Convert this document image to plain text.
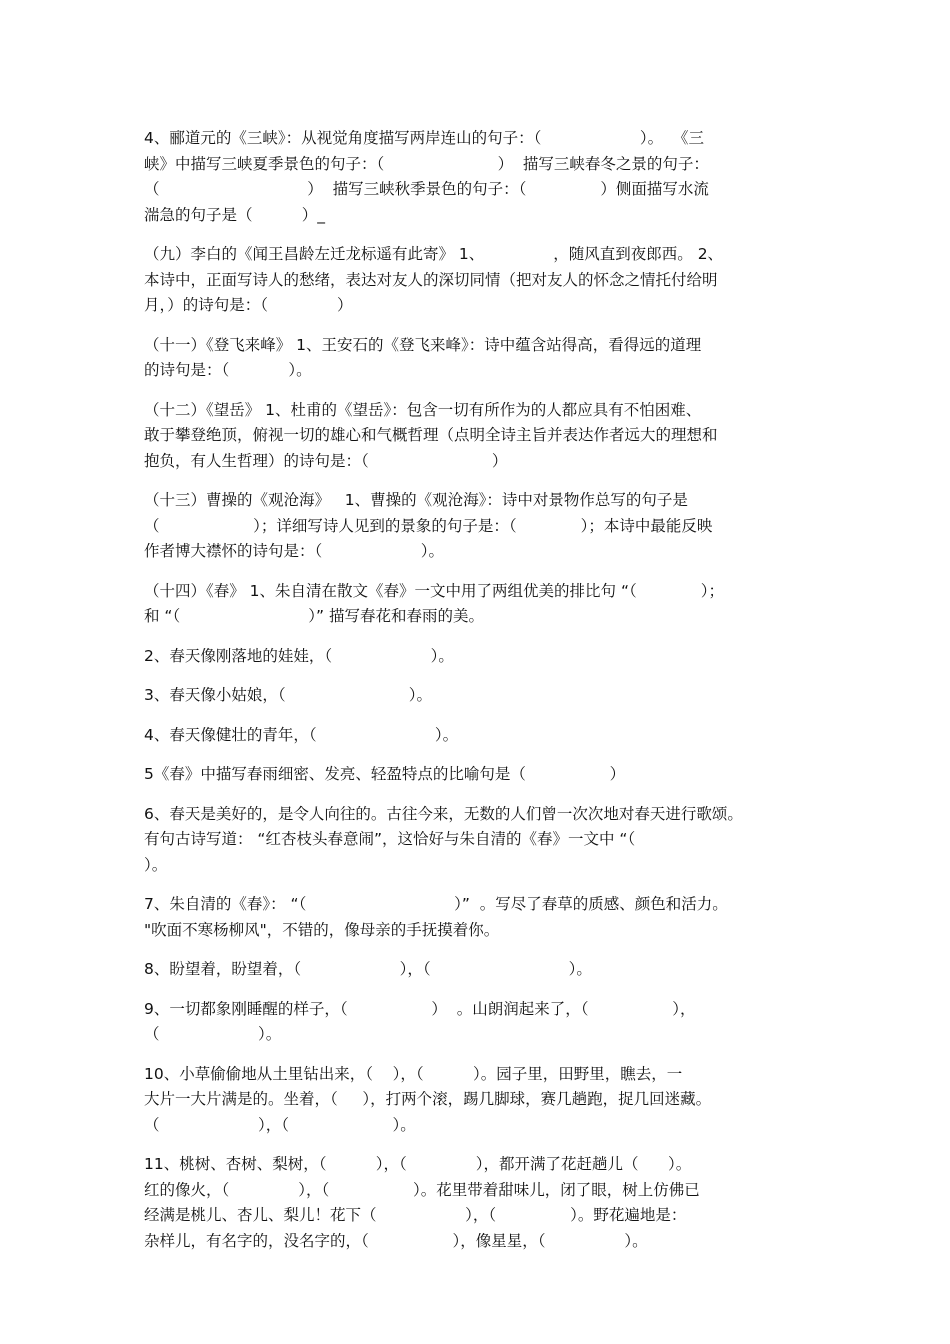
4、郦道元的《三峡》：从视觉角度描写两岸连山的句子：（                    ）。  《三
峡》中描写三峡夏季景色的句子：（                       ）  描写三峡春冬之景的句子：
（                              ）  描写三峡秋季景色的句子：（               ）侧面描写水流
湍急的句子是（          ）_
（九）李白的《闻王昌龄左迁龙标遥有此寄》 1、              ，随风直到夜郎西。 2、
本诗中，正面写诗人的愁绪，表达对友人的深切同情（把对友人的怀念之情托付给明
月，）的诗句是：（              ）
（十一）《登飞来峰》 1、王安石的《登飞来峰》：诗中蕴含站得高，看得远的道理
的诗句是：（            ）。
（十二）《望岳》 1、杜甫的《望岳》：包含一切有所作为的人都应具有不怕困难、
敢于攀登绝顶，俯视一切的雄心和气概哲理（点明全诗主旨并表达作者远大的理想和
抱负，有人生哲理）的诗句是：（                         ）
（十三）曹操的《观沧海》   1、曹操的《观沧海》：诗中对景物作总写的句子是
（                   ）；详细写诗人见到的景象的句子是：（             ）；本诗中最能反映
作者博大襟怀的诗句是：（                    ）。
（十四）《春》 1、朱自清在散文《春》一文中用了两组优美的排比句 “（             ）；
和 “（                          ）” 描写春花和春雨的美。
2、春天像刚落地的娃娃，（                    ）。
3、春天像小姑娘，（                         ）。
4、春天像健壮的青年，（                        ）。
5《春》中描写春雨细密、发亮、轻盈特点的比喻句是（                 ）
6、春天是美好的，是令人向往的。古往今来，无数的人们曾一次次地对春天进行歌颂。
有句古诗写道： “红杏枝头春意闹”，这恰好与朱自清的《春》一文中 “（
）。
7、朱自清的《春》： “（                              ）”  。写尽了春草的质感、颜色和活力。
"吹面不寒杨柳风"，不错的，像母亲的手抚摸着你。
8、盼望着，盼望着，（                    ），（                            ）。
9、一切都象刚睡醒的样子，（                 ）  。山朗润起来了，（                 ），
（                    ）。
10、小草偷偷地从土里钻出来，（    ），（          ）。园子里，田野里，瞧去，一
大片一大片满是的。坐着，（     ），打两个滚，踢几脚球，赛几趟跑，捉几回迷藏。
（                    ），（                     ）。
11、桃树、杏树、梨树，（          ），（              ），都开满了花赶趟儿（      ）。
红的像火，（              ），（                 ）。花里带着甜味儿，闭了眼，树上仿佛已
经满是桃儿、杏儿、梨儿！花下（                  ），（               ）。野花遍地是：
杂样儿，有名字的，没名字的，（                 ），像星星，（                ）。
